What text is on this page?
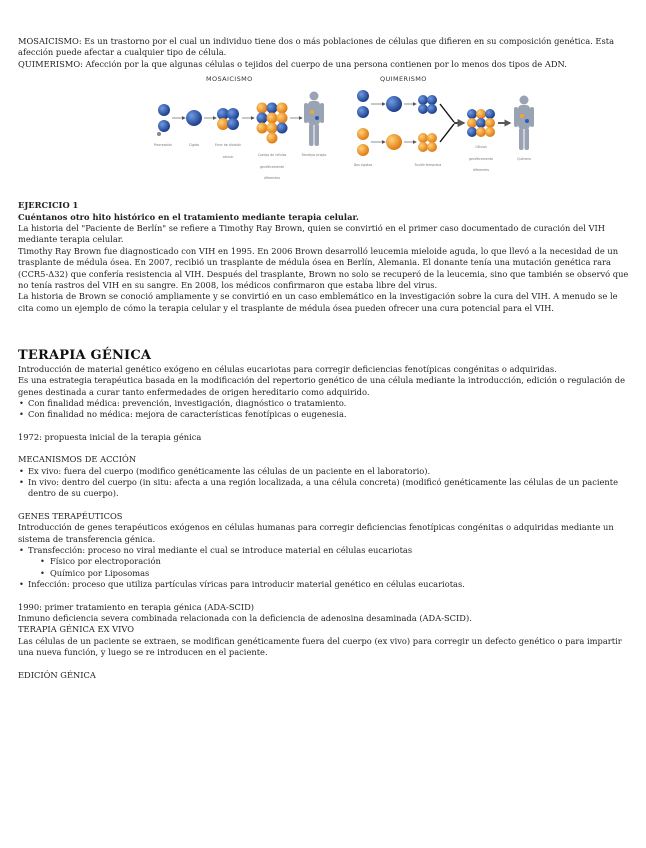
MOSAICISMO: Es un trastorno por el cual un individuo tiene dos o más poblaciones de células que difieren en su composición genética. Esta afección puede afectar a cualquier tipo de célula.

QUIMERISMO: Afección por la que algunas células o tejidos del cuerpo de una persona contienen por lo menos dos tipos de ADN.

MOSAICISMO	QUIMERISMO
Procreación	Cigoto	Error de división celular	Cuerpo de células genéticamente diferentes
Fenotipo propio
Dos cigotos	Fusión temprana
Células genéticamente diferentes
Quimera

EJERCICIO 1

Cuéntanos otro hito histórico en el tratamiento mediante terapia celular.

La historia del "Paciente de Berlín" se refiere a Timothy Ray Brown, quien se convirtió en el primer caso documentado de curación del VIH mediante terapia celular.

Timothy Ray Brown fue diagnosticado con VIH en 1995. En 2006 Brown desarrolló leucemia mieloide aguda, lo que llevó a la necesidad de un trasplante de médula ósea. En 2007, recibió un trasplante de médula ósea en Berlín, Alemania. El donante tenía una mutación genética rara (CCR5-Δ32) que confería resistencia al VIH. Después del trasplante, Brown no solo se recuperó de la leucemia, sino que también se observó que no tenía rastros del VIH en su sangre. En 2008, los médicos confirmaron que estaba libre del virus.

La historia de Brown se conoció ampliamente y se convirtió en un caso emblemático en la investigación sobre la cura del VIH. A menudo se le cita como un ejemplo de cómo la terapia celular y el trasplante de médula ósea pueden ofrecer una cura potencial para el VIH.

TERAPIA GÉNICA

Introducción de material genético exógeno en células eucariotas para corregir deficiencias fenotípicas congénitas o adquiridas.

Es una estrategia terapéutica basada en la modificación del repertorio genético de una célula mediante la introducción, edición o regulación de genes destinada a curar tanto enfermedades de origen hereditario como adquirido.

• Con finalidad médica: prevención, investigación, diagnóstico o tratamiento.
• Con finalidad no médica: mejora de características fenotípicas o eugenesia.

1972: propuesta inicial de la terapia génica

MECANISMOS DE ACCIÓN

• Ex vivo: fuera del cuerpo (modifico genéticamente las células de un paciente en el laboratorio).
• In vivo: dentro del cuerpo (in situ: afecta a una región localizada, a una célula concreta) (modificó genéticamente las células de un paciente dentro de su cuerpo).

GENES TERAPÉUTICOS

Introducción de genes terapéuticos exógenos en células humanas para corregir deficiencias fenotípicas congénitas o adquiridas mediante un sistema de transferencia génica.

• Transfección: proceso no viral mediante el cual se introduce material en células eucariotas
• Físico por electroporación
• Químico por Liposomas
• Infección: proceso que utiliza partículas víricas para introducir material genético en células eucariotas.

1990: primer tratamiento en terapia génica (ADA-SCID)

Inmuno deficiencia severa combinada relacionada con la deficiencia de adenosina desaminada (ADA-SCID).

TERAPIA GÉNICA EX VIVO

Las células de un paciente se extraen, se modifican genéticamente fuera del cuerpo (ex vivo) para corregir un defecto genético o para impartir una nueva función, y luego se re introducen en el paciente.

EDICIÓN GÉNICA
